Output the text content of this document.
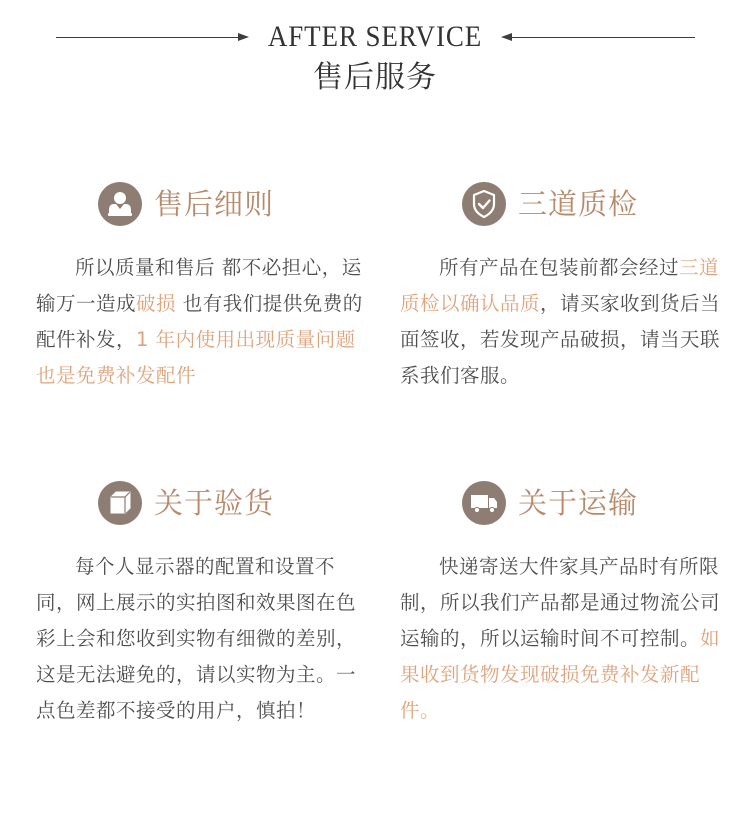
AFTER SERVICE
售后服务
售后细则
所以质量和售后 都不必担心，运输万一造成破损 也有我们提供免费的配件补发，1 年内使用出现质量问题 也是免费补发配件
三道质检
所有产品在包装前都会经过三道质检以确认品质，请买家收到货后当面签收，若发现产品破损，请当天联系我们客服。
关于验货
每个人显示器的配置和设置不同，网上展示的实拍图和效果图在色彩上会和您收到实物有细微的差别，这是无法避免的，请以实物为主。一点色差都不接受的用户，慎拍！
关于运输
快递寄送大件家具产品时有所限制，所以我们产品都是通过物流公司运输的，所以运输时间不可控制。如果收到货物发现破损免费补发新配件。
